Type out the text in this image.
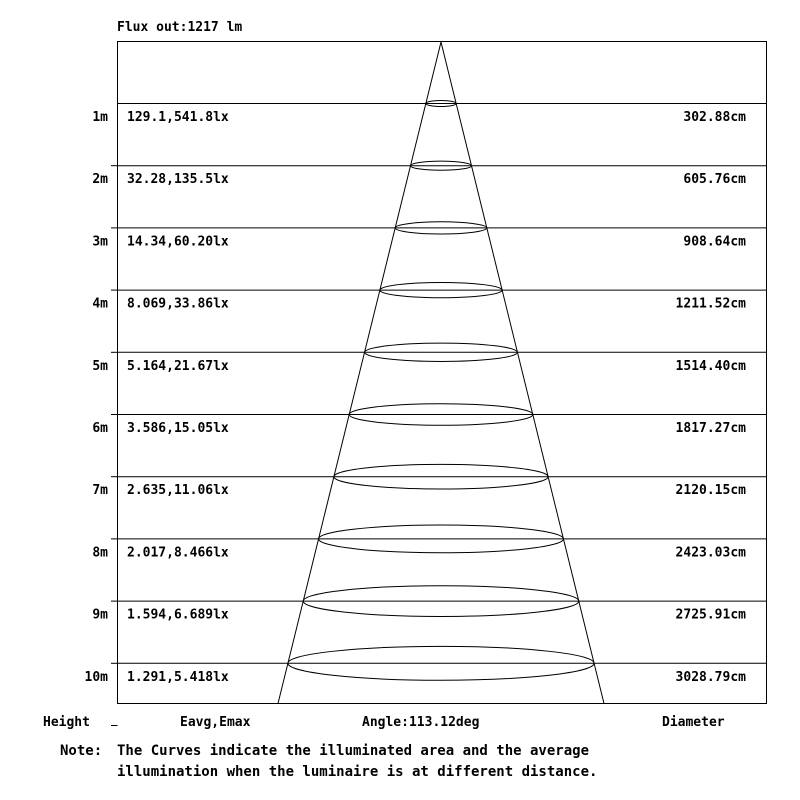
Flux out:1217 lm
1m 129.1,541.8lx	302.88cm
2m 32.28,135.5lx	605.76cm
3m 14.34,60.20lx	908.64cm
4m 8.069,33.86lx	1211.52cm
5m 5.164,21.67lx	1514.40cm
6m 3.586,15.05lx	1817.27cm
7m 2.635,11.06lx	2120.15cm
8m 2.017,8.466lx	2423.03cm
9m 1.594,6.689lx	2725.91cm
10m 1.291,5.418lx	3028.79cm
Height	Eavg,Emax	Angle:113.12deg	Diameter
Note: The Curves indicate the illuminated area and the average
illumination when the luminaire is at different distance.
